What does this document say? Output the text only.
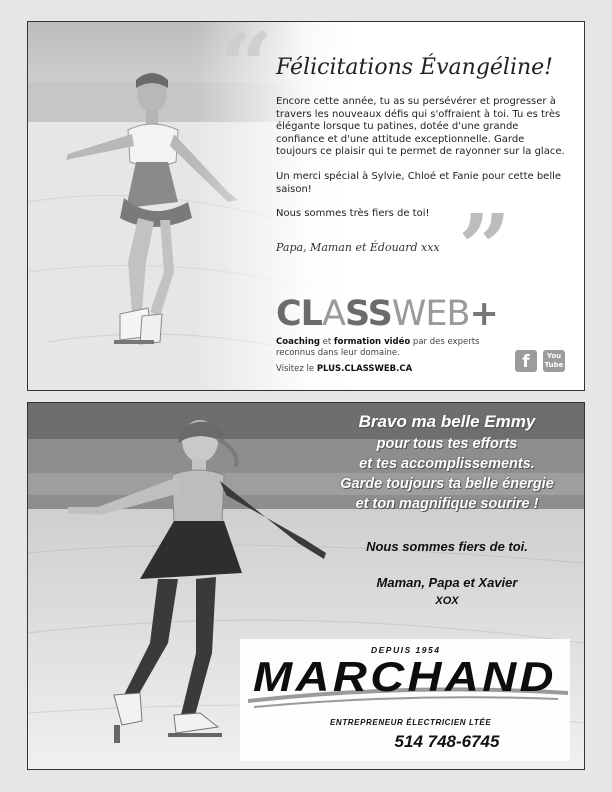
“ Félicitations Évangéline!

Encore cette année, tu as su persévérer et progresser à travers les nouveaux défis qui s'offraient à toi. Tu es très élégante lorsque tu patines, dotée d'une grande confiance et d'une attitude exceptionnelle. Garde toujours ce plaisir qui te permet de rayonner sur la glace.

Un merci spécial à Sylvie, Chloé et Fanie pour cette belle saison!

Nous sommes très fiers de toi!

Papa, Maman et Édouard xxx ”
CLASSWEB+
Coaching et formation vidéo par des experts reconnus dans leur domaine.
Visitez le PLUS.CLASSWEB.CA	f	You
Tube
Bravo ma belle Emmy
pour tous tes efforts
et tes accomplissements.
Garde toujours ta belle énergie
et ton magnifique sourire !
Nous sommes fiers de toi.
Maman, Papa et Xavier
XOX
DEPUIS 1954
MARCHAND
ENTREPRENEUR ÉLECTRICIEN LTÉE
514 748-6745
